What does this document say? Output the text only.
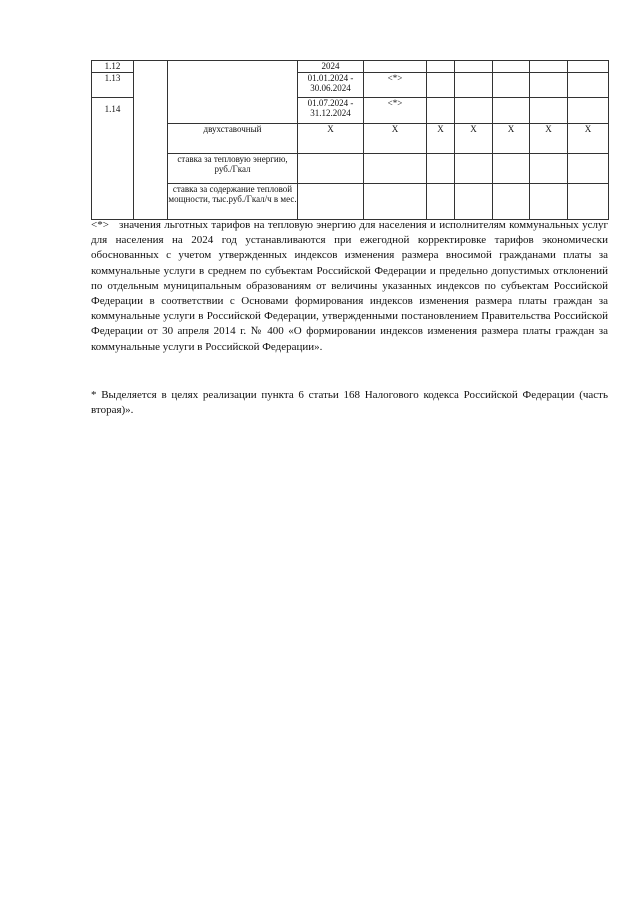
1.12			2024						
1.13			01.01.2024 - 30.06.2024	<*>					
1.14			01.07.2024 - 31.12.2024	<*>					
		двухставочный	X	X	X	X	X	X	X
		ставка за тепловую энергию, руб./Гкал							
		ставка за содержание тепловой мощности, тыс.руб./Гкал/ч в мес.							
<*> значения льготных тарифов на тепловую энергию для населения и исполнителям коммунальных услуг для населения на 2024 год устанавливаются при ежегодной корректировке тарифов экономически обоснованных с учетом утвержденных индексов изменения размера вносимой гражданами платы за коммунальные услуги в среднем по субъектам Российской Федерации и предельно допустимых отклонений по отдельным муниципальным образованиям от величины указанных индексов по субъектам Российской Федерации в соответствии с Основами формирования индексов изменения размера платы граждан за коммунальные услуги в Российской Федерации, утвержденными постановлением Правительства Российской Федерации от 30 апреля 2014 г. № 400 «О формировании индексов изменения размера платы граждан за коммунальные услуги в Российской Федерации».
* Выделяется в целях реализации пункта 6 статьи 168 Налогового кодекса Российской Федерации (часть вторая)».
